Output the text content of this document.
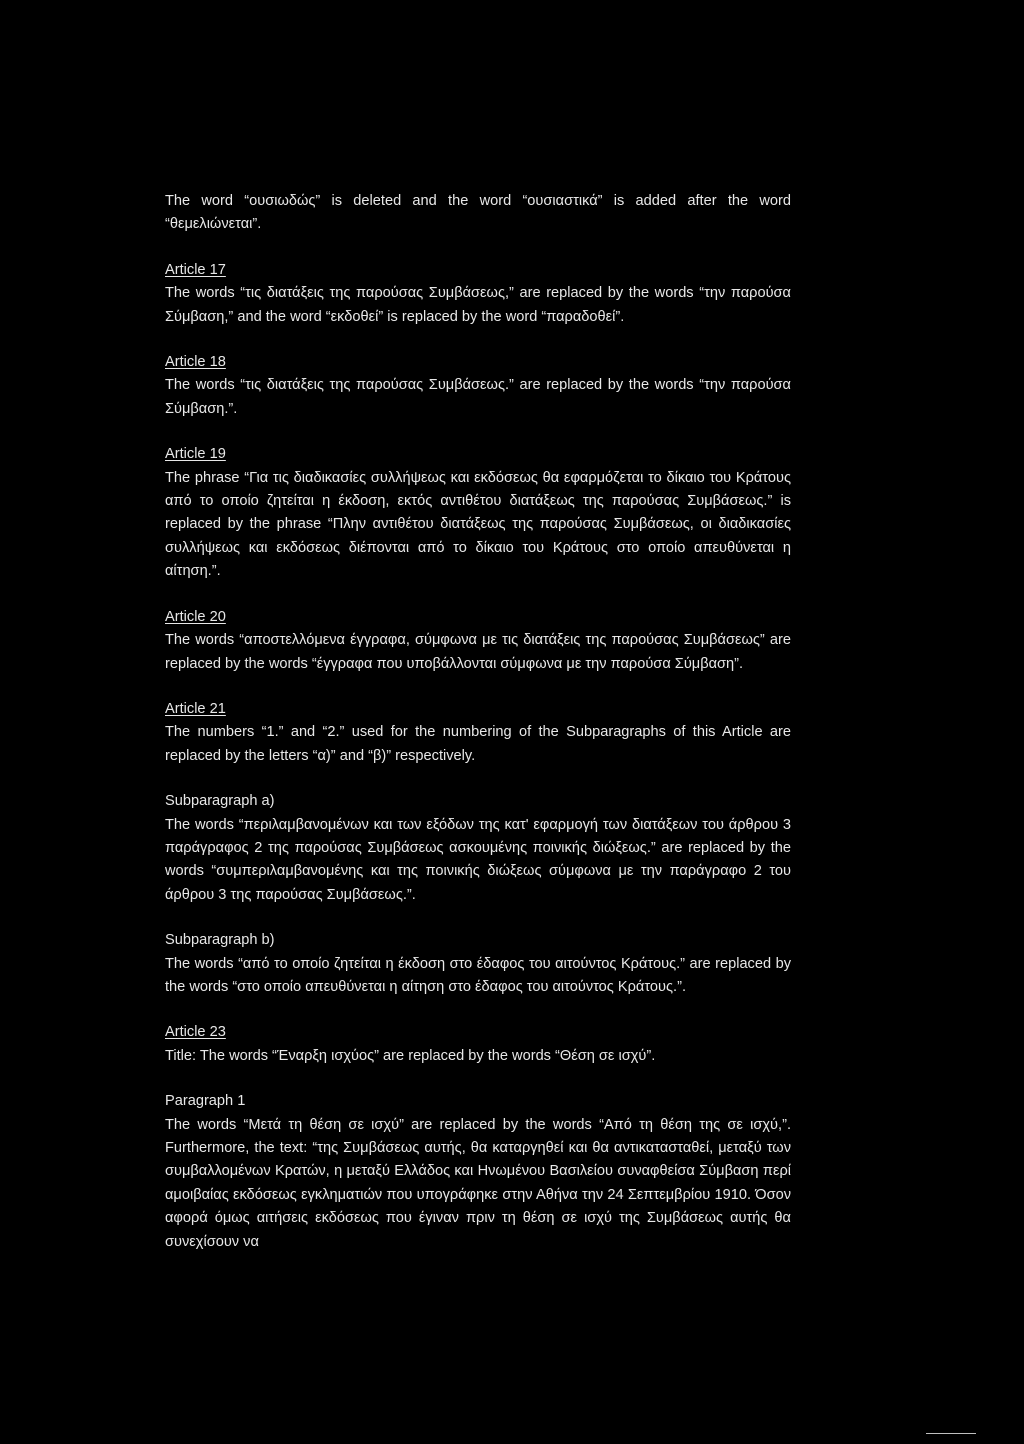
The word “ουσιωδώς” is deleted and the word “ουσιαστικά” is added after the word “θεμελιώνεται”.

Article 17

The words “τις διατάξεις της παρούσας Συμβάσεως,” are replaced by the words “την παρούσα Σύμβαση,” and the word “εκδοθεί” is replaced by the word “παραδοθεί”.

Article 18

The words “τις διατάξεις της παρούσας Συμβάσεως.” are replaced by the words “την παρούσα Σύμβαση.”.

Article 19

The phrase “Για τις διαδικασίες συλλήψεως και εκδόσεως θα εφαρμόζεται το δίκαιο του Κράτους από το οποίο ζητείται η έκδοση, εκτός αντιθέτου διατάξεως της παρούσας Συμβάσεως.” is replaced by the phrase “Πλην αντιθέτου διατάξεως της παρούσας Συμβάσεως, οι διαδικασίες συλλήψεως και εκδόσεως διέπονται από το δίκαιο του Κράτους στο οποίο απευθύνεται η αίτηση.”.

Article 20

The words “αποστελλόμενα έγγραφα, σύμφωνα με τις διατάξεις της παρούσας Συμβάσεως” are replaced by the words “έγγραφα που υποβάλλονται σύμφωνα με την παρούσα Σύμβαση”.

Article 21

The numbers “1.” and “2.” used for the numbering of the Subparagraphs of this Article are replaced by the letters “α)” and “β)” respectively.

Subparagraph a)

The words “περιλαμβανομένων και των εξόδων της κατ' εφαρμογή των διατάξεων του άρθρου 3 παράγραφος 2 της παρούσας Συμβάσεως ασκουμένης ποινικής διώξεως.” are replaced by the words “συμπεριλαμβανομένης και της ποινικής διώξεως σύμφωνα με την παράγραφο 2 του άρθρου 3 της παρούσας Συμβάσεως.”.

Subparagraph b)

The words “από το οποίο ζητείται η έκδοση στο έδαφος του αιτούντος Κράτους.” are replaced by the words “στο οποίο απευθύνεται η αίτηση στο έδαφος του αιτούντος Κράτους.”.

Article 23

Title: The words “Έναρξη ισχύος” are replaced by the words “Θέση σε ισχύ”.

Paragraph 1

The words “Μετά τη θέση σε ισχύ” are replaced by the words “Από τη θέση της σε ισχύ,”. Furthermore, the text: “της Συμβάσεως αυτής, θα καταργηθεί και θα αντικατασταθεί, μεταξύ των συμβαλλομένων Κρατών, η μεταξύ Ελλάδος και Ηνωμένου Βασιλείου συναφθείσα Σύμβαση περί αμοιβαίας εκδόσεως εγκληματιών που υπογράφηκε στην Αθήνα την 24 Σεπτεμβρίου 1910. Όσον αφορά όμως αιτήσεις εκδόσεως που έγιναν πριν τη θέση σε ισχύ της Συμβάσεως αυτής θα συνεχίσουν να
